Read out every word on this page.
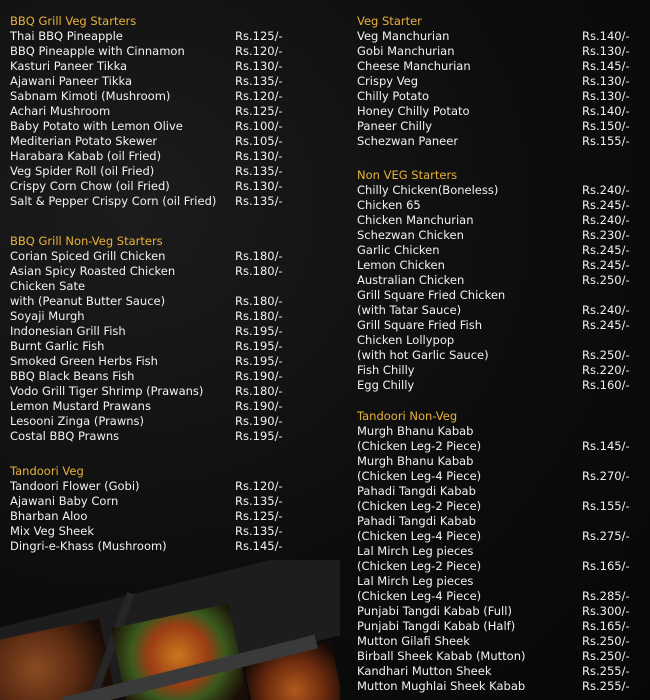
BBQ Grill Veg Starters
Thai BBQ Pineapple	Rs.125/-
BBQ Pineapple with Cinnamon	Rs.120/-
Kasturi Paneer Tikka	Rs.130/-
Ajawani Paneer Tikka	Rs.135/-
Sabnam Kimoti (Mushroom)	Rs.120/-
Achari Mushroom	Rs.125/-
Baby Potato with Lemon Olive	Rs.100/-
Mediterian Potato Skewer	Rs.105/-
Harabara Kabab (oil Fried)	Rs.130/-
Veg Spider Roll (oil Fried)	Rs.135/-
Crispy Corn Chow (oil Fried)	Rs.130/-
Salt & Pepper Crispy Corn (oil Fried) Rs.135/-
BBQ Grill Non-Veg Starters
Corian Spiced Grill Chicken	Rs.180/-
Asian Spicy Roasted Chicken	Rs.180/-
Chicken Sate
with (Peanut Butter Sauce)	Rs.180/-
Soyaji Murgh	Rs.180/-
Indonesian Grill Fish	Rs.195/-
Burnt Garlic Fish	Rs.195/-
Smoked Green Herbs Fish	Rs.195/-
BBQ Black Beans Fish	Rs.190/-
Vodo Grill Tiger Shrimp (Prawans)	Rs.180/-
Lemon Mustard Prawans	Rs.190/-
Lesooni Zinga (Prawns)	Rs.190/-
Costal BBQ Prawns	Rs.195/-
Tandoori Veg
Tandoori Flower (Gobi)	Rs.120/-
Ajawani Baby Corn	Rs.135/-
Bharban Aloo	Rs.125/-
Mix Veg Sheek	Rs.135/-
Dingri-e-Khass (Mushroom)	Rs.145/-
Veg Starter
Veg Manchurian	Rs.140/-
Gobi Manchurian	Rs.130/-
Cheese Manchurian	Rs.145/-
Crispy Veg	Rs.130/-
Chilly Potato	Rs.130/-
Honey Chilly Potato	Rs.140/-
Paneer Chilly	Rs.150/-
Schezwan Paneer	Rs.155/-
Non VEG Starters
Chilly Chicken(Boneless)	Rs.240/-
Chicken 65	Rs.245/-
Chicken Manchurian	Rs.240/-
Schezwan Chicken	Rs.230/-
Garlic Chicken	Rs.245/-
Lemon Chicken	Rs.245/-
Australian Chicken	Rs.250/-
Grill Square Fried Chicken
(with Tatar Sauce)	Rs.240/-
Grill Square Fried Fish	Rs.245/-
Chicken Lollypop
(with hot Garlic Sauce)	Rs.250/-
Fish Chilly	Rs.220/-
Egg Chilly	Rs.160/-
Tandoori Non-Veg
Murgh Bhanu Kabab
(Chicken Leg-2 Piece)	Rs.145/-
Murgh Bhanu Kabab
(Chicken Leg-4 Piece)	Rs.270/-
Pahadi Tangdi Kabab
(Chicken Leg-2 Piece)	Rs.155/-
Pahadi Tangdi Kabab
(Chicken Leg-4 Piece)	Rs.275/-
Lal Mirch Leg pieces
(Chicken Leg-2 Piece)	Rs.165/-
Lal Mirch Leg pieces
(Chicken Leg-4 Piece)	Rs.285/-
Punjabi Tangdi Kabab (Full)	Rs.300/-
Punjabi Tangdi Kabab (Half)	Rs.165/-
Mutton Gilafi Sheek	Rs.250/-
Birball Sheek Kabab (Mutton)	Rs.250/-
Kandhari Mutton Sheek	Rs.255/-
Mutton Mughlai Sheek Kabab	Rs.255/-
